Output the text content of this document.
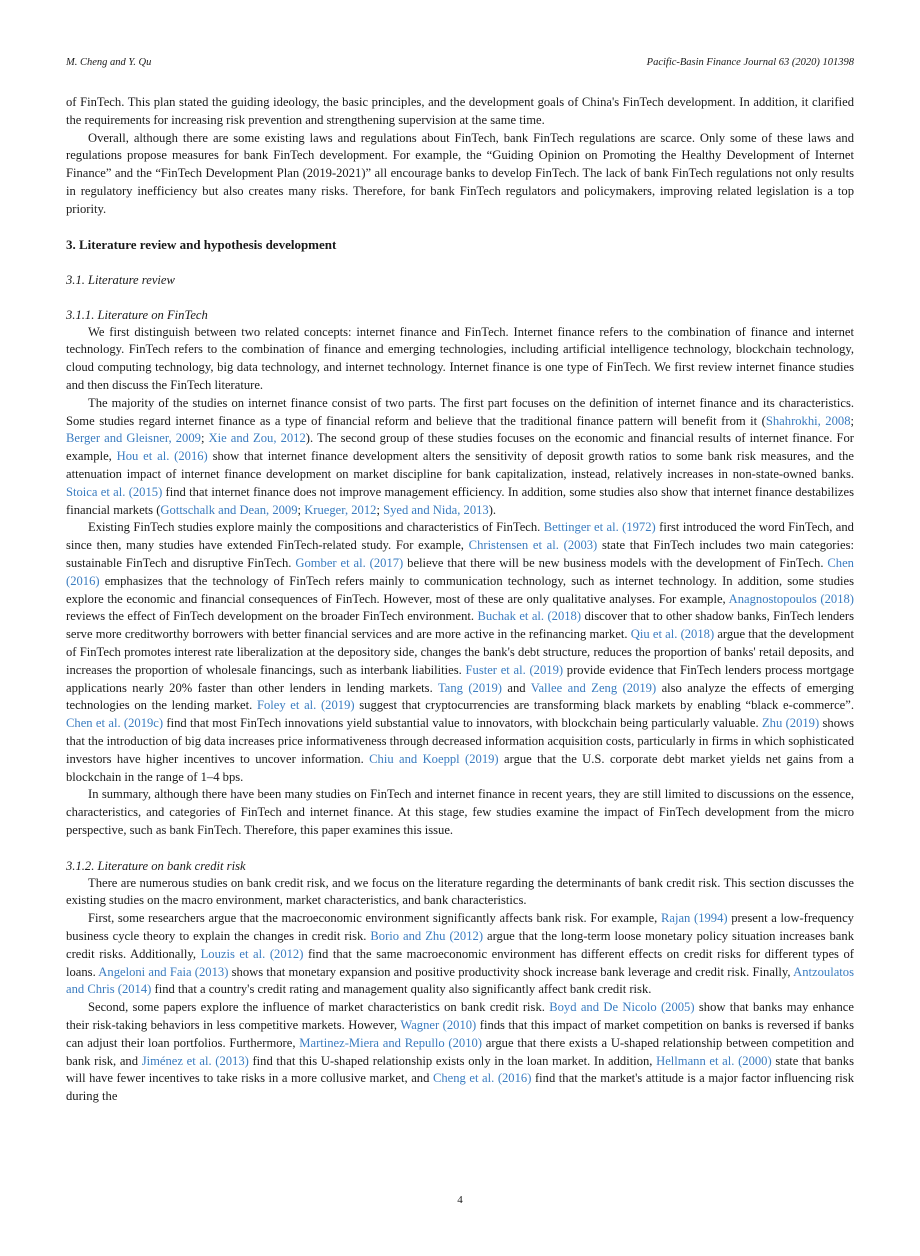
M. Cheng and Y. Qu	Pacific-Basin Finance Journal 63 (2020) 101398

of FinTech. This plan stated the guiding ideology, the basic principles, and the development goals of China's FinTech development. In addition, it clarified the requirements for increasing risk prevention and strengthening supervision at the same time.

Overall, although there are some existing laws and regulations about FinTech, bank FinTech regulations are scarce. Only some of these laws and regulations propose measures for bank FinTech development. For example, the “Guiding Opinion on Promoting the Healthy Development of Internet Finance” and the “FinTech Development Plan (2019-2021)” all encourage banks to develop FinTech. The lack of bank FinTech regulations not only results in regulatory inefficiency but also creates many risks. Therefore, for bank FinTech regulators and policymakers, improving related legislation is a top priority.

3. Literature review and hypothesis development
3.1. Literature review
3.1.1. Literature on FinTech

We first distinguish between two related concepts: internet finance and FinTech. Internet finance refers to the combination of finance and internet technology. FinTech refers to the combination of finance and emerging technologies, including artificial intelligence technology, blockchain technology, cloud computing technology, big data technology, and internet technology. Internet finance is one type of FinTech. We first review internet finance studies and then discuss the FinTech literature.

The majority of the studies on internet finance consist of two parts. The first part focuses on the definition of internet finance and its characteristics. Some studies regard internet finance as a type of financial reform and believe that the traditional finance pattern will benefit from it (Shahrokhi, 2008; Berger and Gleisner, 2009; Xie and Zou, 2012). The second group of these studies focuses on the economic and financial results of internet finance. For example, Hou et al. (2016) show that internet finance development alters the sensitivity of deposit growth ratios to some bank risk measures, and the attenuation impact of internet finance development on market discipline for bank capitalization, instead, relatively increases in non-state-owned banks. Stoica et al. (2015) find that internet finance does not improve management efficiency. In addition, some studies also show that internet finance destabilizes financial markets (Gottschalk and Dean, 2009; Krueger, 2012; Syed and Nida, 2013).

Existing FinTech studies explore mainly the compositions and characteristics of FinTech. Bettinger et al. (1972) first introduced the word FinTech, and since then, many studies have extended FinTech-related study. For example, Christensen et al. (2003) state that FinTech includes two main categories: sustainable FinTech and disruptive FinTech. Gomber et al. (2017) believe that there will be new business models with the development of FinTech. Chen (2016) emphasizes that the technology of FinTech refers mainly to communication technology, such as internet technology. In addition, some studies explore the economic and financial consequences of FinTech. However, most of these are only qualitative analyses. For example, Anagnostopoulos (2018) reviews the effect of FinTech development on the broader FinTech environment. Buchak et al. (2018) discover that to other shadow banks, FinTech lenders serve more creditworthy borrowers with better financial services and are more active in the refinancing market. Qiu et al. (2018) argue that the development of FinTech promotes interest rate liberalization at the depository side, changes the bank's debt structure, reduces the proportion of banks' retail deposits, and increases the proportion of wholesale financings, such as interbank liabilities. Fuster et al. (2019) provide evidence that FinTech lenders process mortgage applications nearly 20% faster than other lenders in lending markets. Tang (2019) and Vallee and Zeng (2019) also analyze the effects of emerging technologies on the lending market. Foley et al. (2019) suggest that cryptocurrencies are transforming black markets by enabling “black e-commerce”. Chen et al. (2019c) find that most FinTech innovations yield substantial value to innovators, with blockchain being particularly valuable. Zhu (2019) shows that the introduction of big data increases price informativeness through decreased information acquisition costs, particularly in firms in which sophisticated investors have higher incentives to uncover information. Chiu and Koeppl (2019) argue that the U.S. corporate debt market yields net gains from a blockchain in the range of 1–4 bps.

In summary, although there have been many studies on FinTech and internet finance in recent years, they are still limited to discussions on the essence, characteristics, and categories of FinTech and internet finance. At this stage, few studies examine the impact of FinTech development from the micro perspective, such as bank FinTech. Therefore, this paper examines this issue.

3.1.2. Literature on bank credit risk

There are numerous studies on bank credit risk, and we focus on the literature regarding the determinants of bank credit risk. This section discusses the existing studies on the macro environment, market characteristics, and bank characteristics.

First, some researchers argue that the macroeconomic environment significantly affects bank risk. For example, Rajan (1994) present a low-frequency business cycle theory to explain the changes in credit risk. Borio and Zhu (2012) argue that the long-term loose monetary policy situation increases bank credit risks. Additionally, Louzis et al. (2012) find that the same macroeconomic environment has different effects on credit risks for different types of loans. Angeloni and Faia (2013) shows that monetary expansion and positive productivity shock increase bank leverage and credit risk. Finally, Antzoulatos and Chris (2014) find that a country's credit rating and management quality also significantly affect bank credit risk.

Second, some papers explore the influence of market characteristics on bank credit risk. Boyd and De Nicolo (2005) show that banks may enhance their risk-taking behaviors in less competitive markets. However, Wagner (2010) finds that this impact of market competition on banks is reversed if banks can adjust their loan portfolios. Furthermore, Martinez-Miera and Repullo (2010) argue that there exists a U-shaped relationship between competition and bank risk, and Jiménez et al. (2013) find that this U-shaped relationship exists only in the loan market. In addition, Hellmann et al. (2000) state that banks will have fewer incentives to take risks in a more collusive market, and Cheng et al. (2016) find that the market's attitude is a major factor influencing risk during the

4
